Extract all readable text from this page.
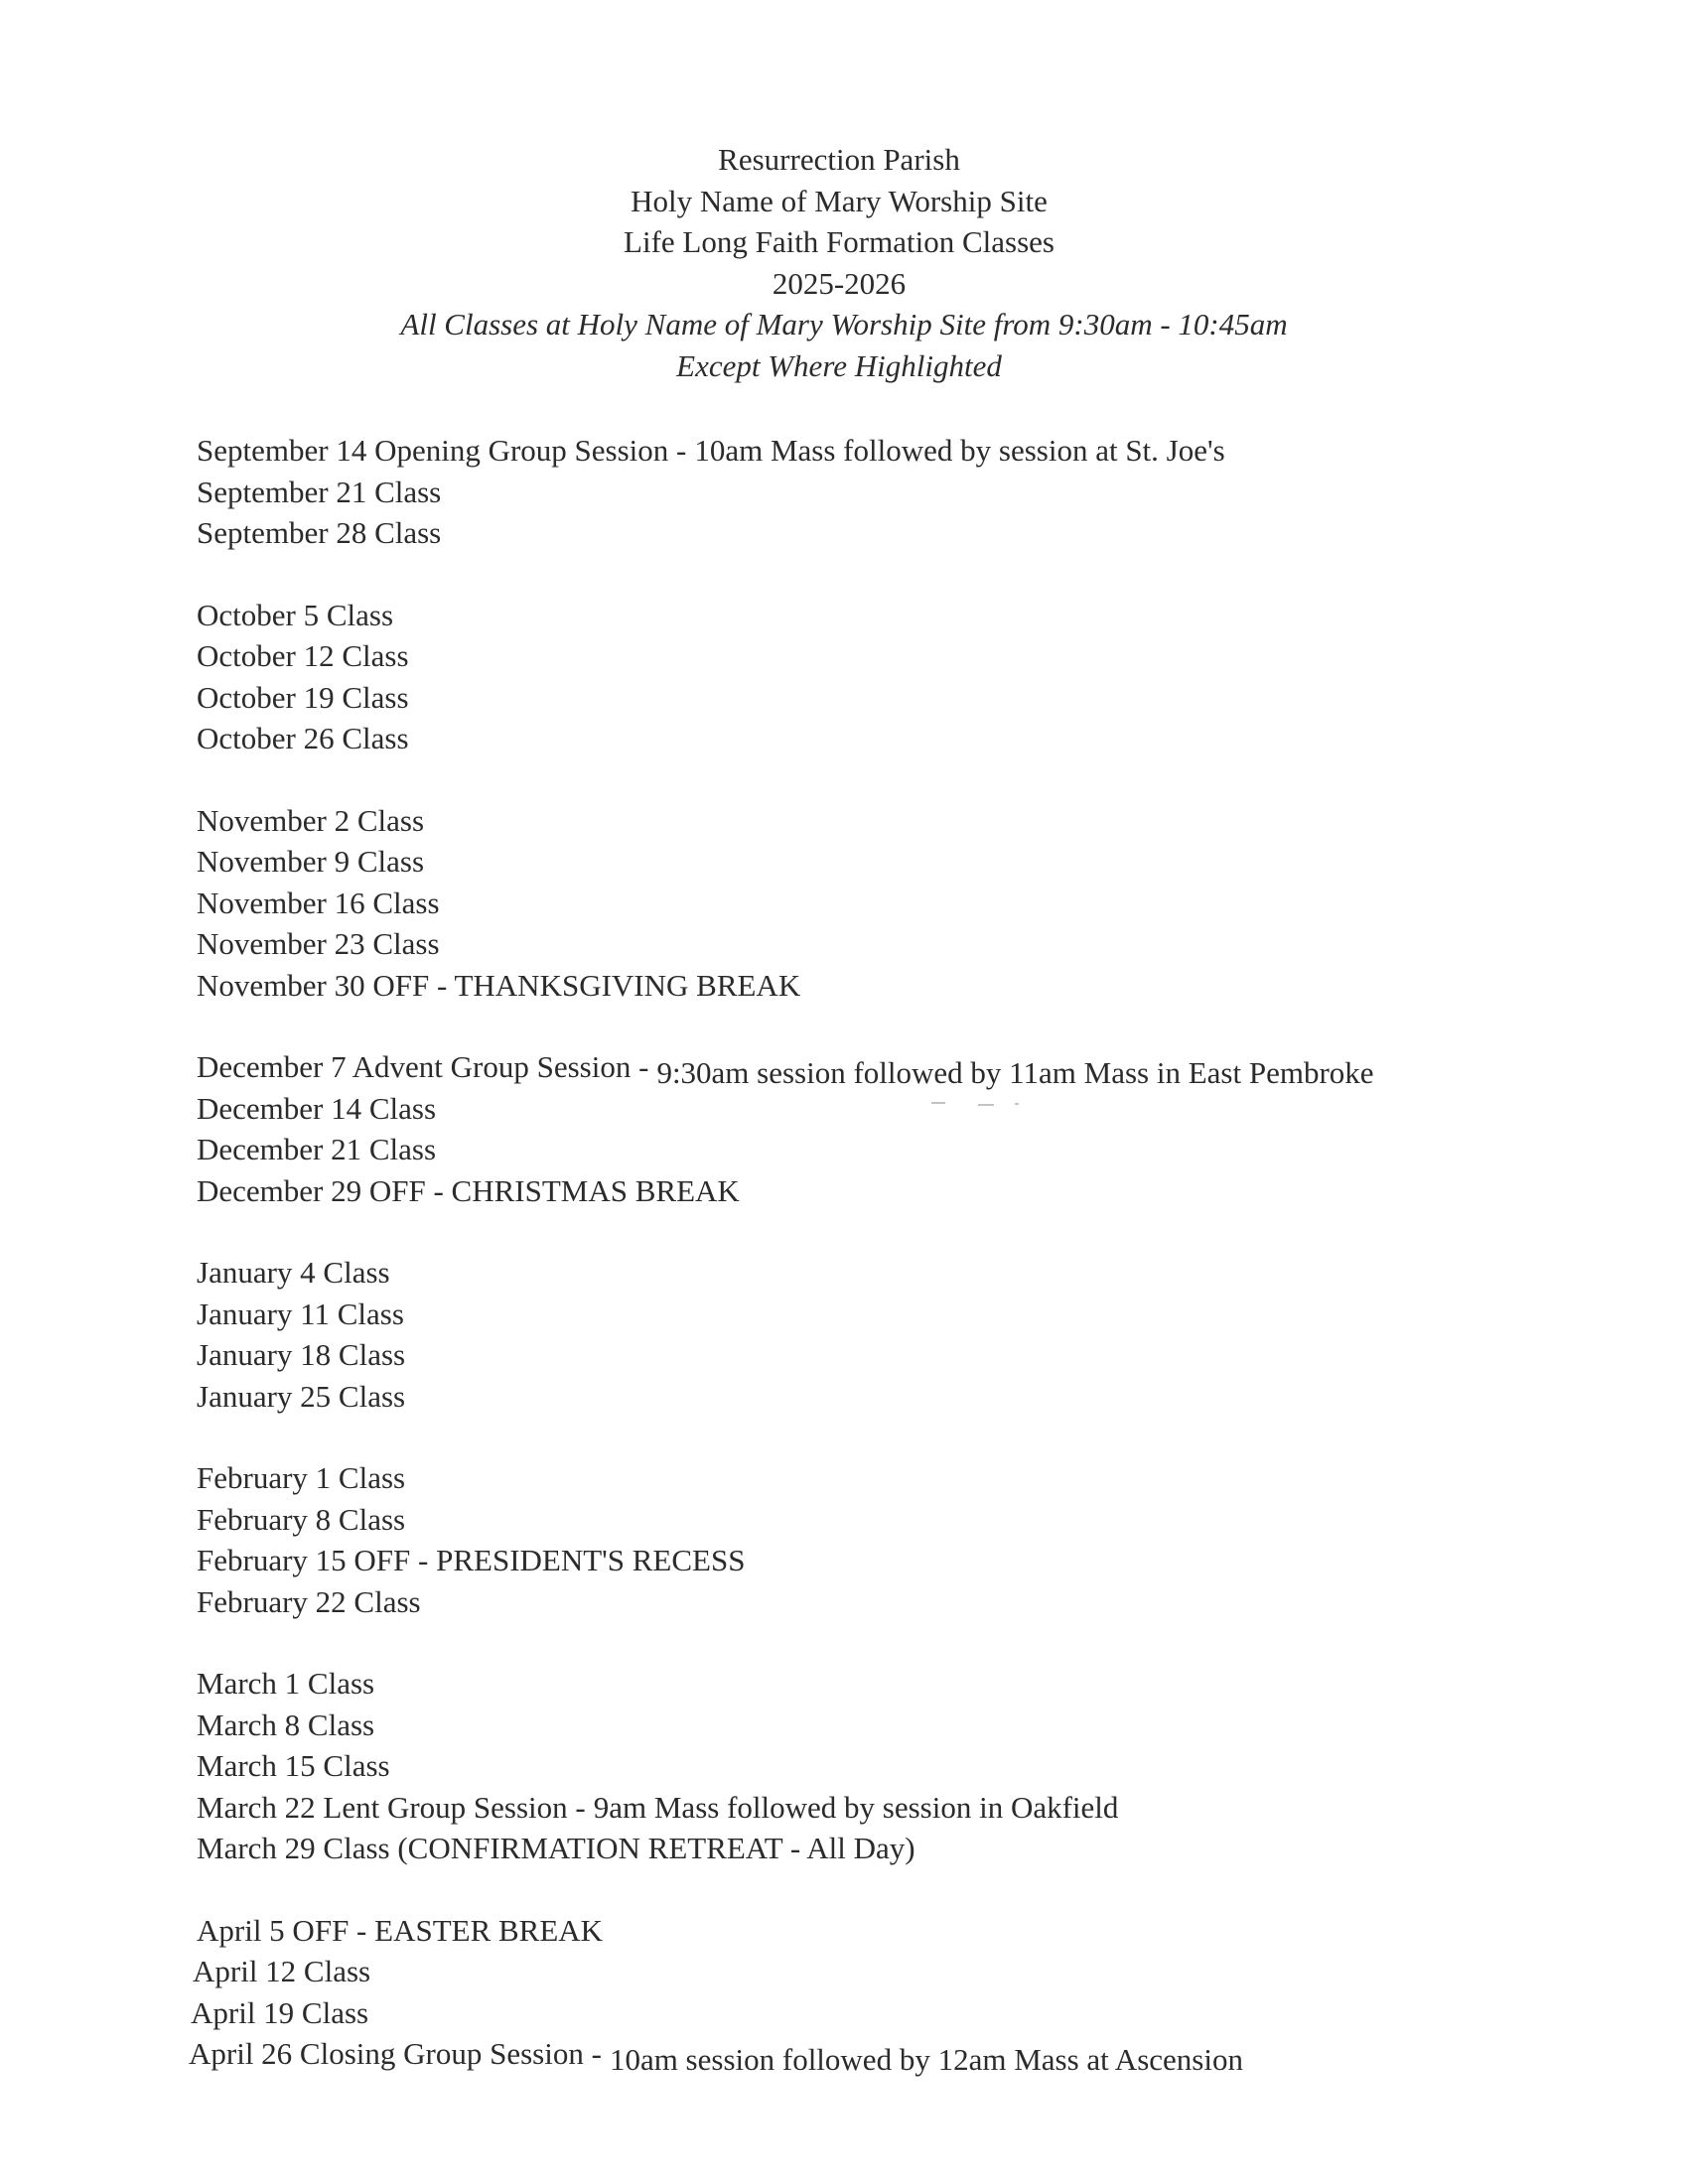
Resurrection Parish
Holy Name of Mary Worship Site
Life Long Faith Formation Classes
2025-2026
All Classes at Holy Name of Mary Worship Site from 9:30am - 10:45am
Except Where Highlighted
September 14 Opening Group Session - 10am Mass followed by session at St. Joe's
September 21 Class
September 28 Class
October 5 Class
October 12 Class
October 19 Class
October 26 Class
November 2 Class
November 9 Class
November 16 Class
November 23 Class
November 30 OFF - THANKSGIVING BREAK
December 7 Advent Group Session - 9:30am session followed by 11am Mass in East Pembroke
December 14 Class
December 21 Class
December 29 OFF - CHRISTMAS BREAK
January 4 Class
January 11 Class
January 18 Class
January 25 Class
February 1 Class
February 8 Class
February 15 OFF - PRESIDENT'S RECESS
February 22 Class
March 1 Class
March 8 Class
March 15 Class
March 22 Lent Group Session - 9am Mass followed by session in Oakfield
March 29 Class (CONFIRMATION RETREAT - All Day)
April 5 OFF - EASTER BREAK
April 12 Class
April 19 Class
April 26 Closing Group Session - 10am session followed by 12am Mass at Ascension
